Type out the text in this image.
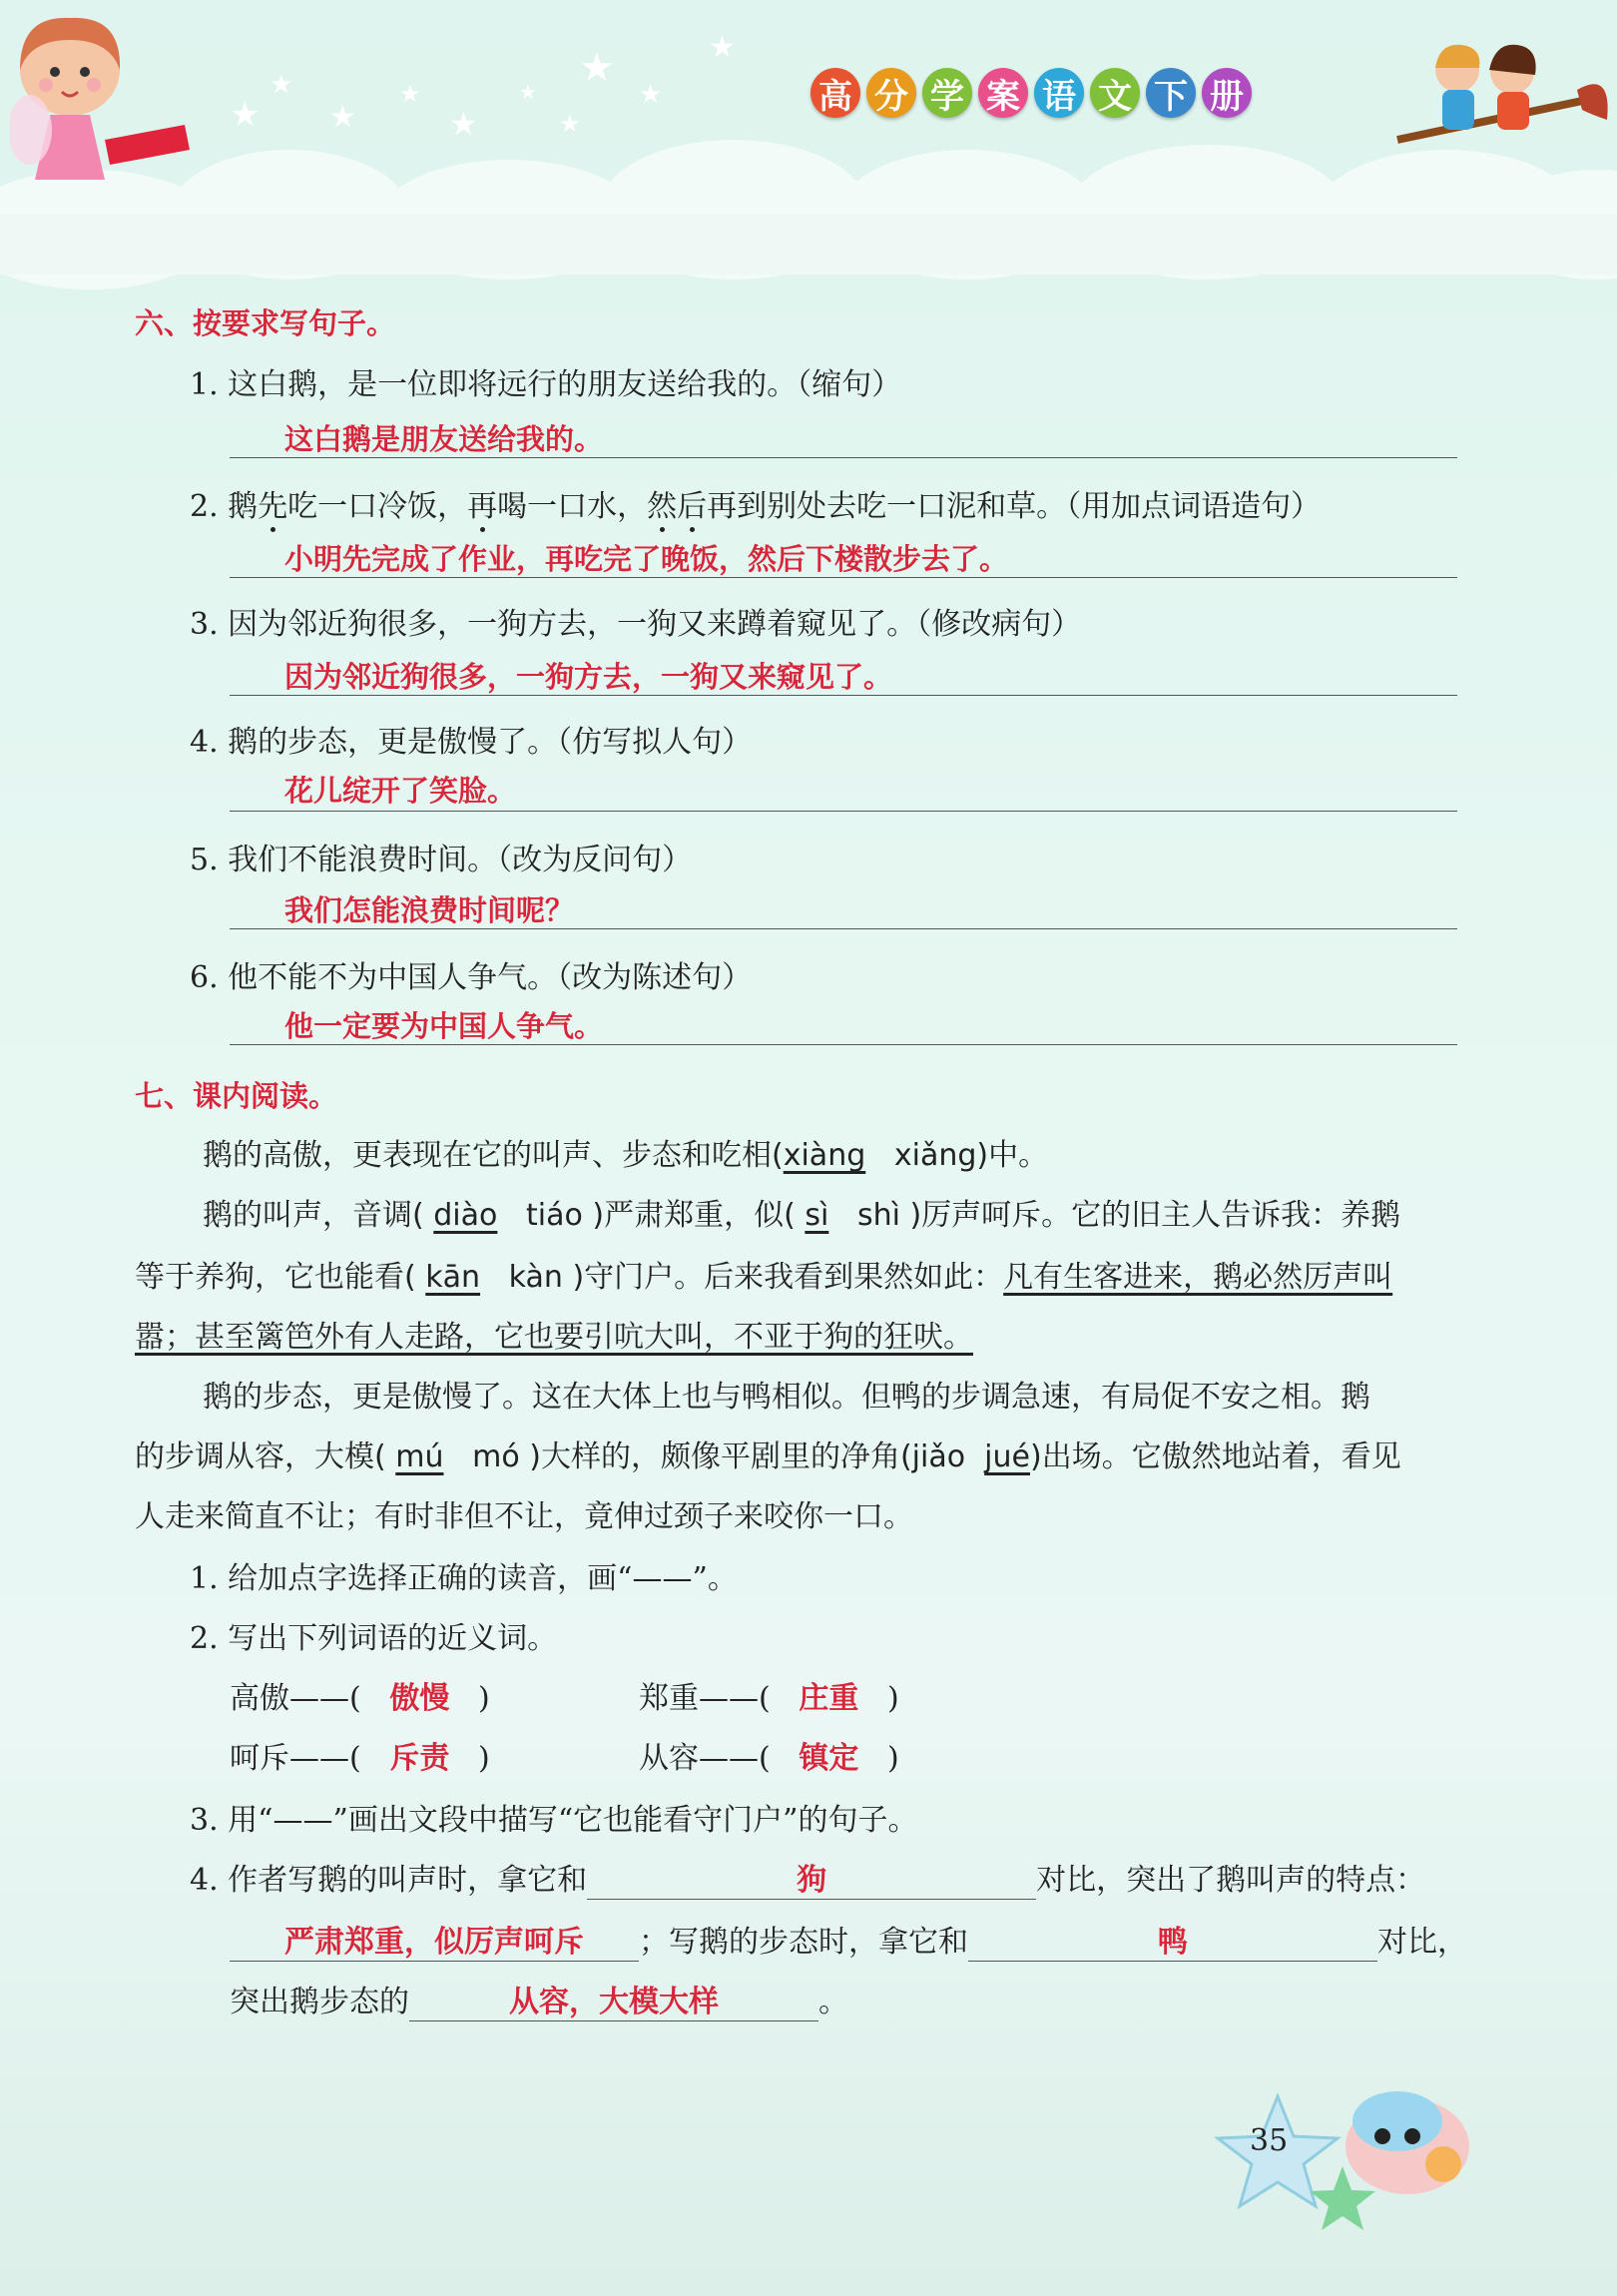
★
★
★
★
★
★
★
★
★
★	高 分 学 案 语 文 下 册
六、按要求写句子。
1. 这白鹅，是一位即将远行的朋友送给我的。（缩句）
这白鹅是朋友送给我的。
2. 鹅先吃一口冷饭，再喝一口水，然后再到别处去吃一口泥和草。（用加点词语造句）
小明先完成了作业，再吃完了晚饭，然后下楼散步去了。
3. 因为邻近狗很多，一狗方去，一狗又来蹲着窥见了。（修改病句）
因为邻近狗很多，一狗方去，一狗又来窥见了。
4. 鹅的步态，更是傲慢了。（仿写拟人句）
花儿绽开了笑脸。
5. 我们不能浪费时间。（改为反问句）
我们怎能浪费时间呢？
6. 他不能不为中国人争气。（改为陈述句）
他一定要为中国人争气。
七、课内阅读。
鹅的高傲，更表现在它的叫声、步态和吃相(xiàng xiǎng)中。
鹅的叫声，音调( diào tiáo )严肃郑重，似( sì shì )厉声呵斥。它的旧主人告诉我：养鹅
等于养狗，它也能看( kān kàn )守门户。后来我看到果然如此：凡有生客进来，鹅必然厉声叫
嚣；甚至篱笆外有人走路，它也要引吭大叫，不亚于狗的狂吠。
鹅的步态，更是傲慢了。这在大体上也与鸭相似。但鸭的步调急速，有局促不安之相。鹅
的步调从容，大模( mú mó )大样的，颇像平剧里的净角(jiǎo jué)出场。它傲然地站着，看见
人走来简直不让；有时非但不让，竟伸过颈子来咬你一口。
1. 给加点字选择正确的读音，画“——”。
2. 写出下列词语的近义词。
高傲——( 傲慢 )	郑重——( 庄重 )
呵斥——( 斥责 )	从容——( 镇定 )
3. 用“——”画出文段中描写“它也能看守门户”的句子。
4. 作者写鹅的叫声时，拿它和	狗	对比，突出了鹅叫声的特点：
严肃郑重，似厉声呵斥 ；写鹅的步态时，拿它和	鸭	对比，
突出鹅步态的	从容，大模大样	。
35
